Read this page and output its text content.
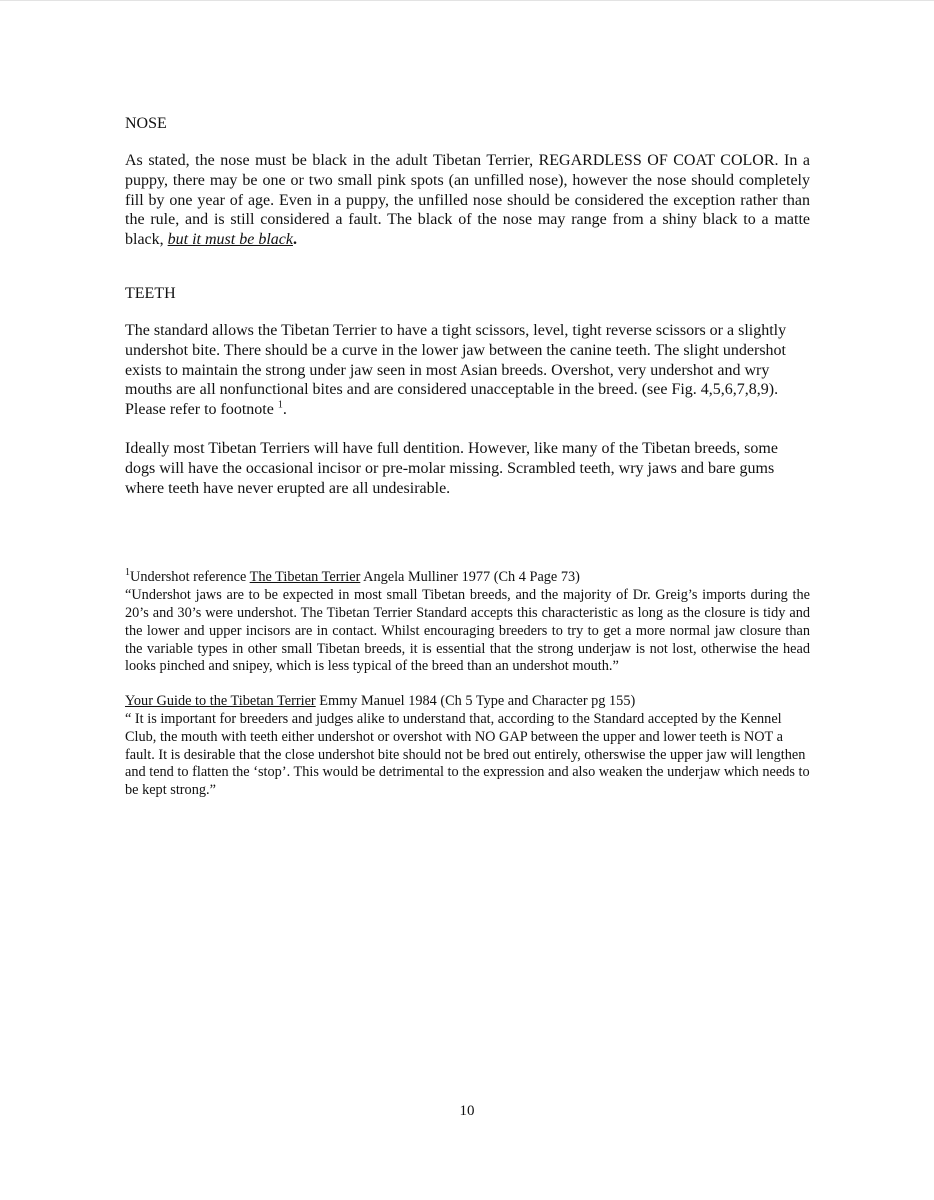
NOSE

As stated, the nose must be black in the adult Tibetan Terrier, REGARDLESS OF COAT COLOR. In a puppy, there may be one or two small pink spots (an unfilled nose), however the nose should completely fill by one year of age. Even in a puppy, the unfilled nose should be considered the exception rather than the rule, and is still considered a fault. The black of the nose may range from a shiny black to a matte black, but it must be black.

TEETH

The standard allows the Tibetan Terrier to have a tight scissors, level, tight reverse scissors or a slightly undershot bite. There should be a curve in the lower jaw between the canine teeth. The slight undershot exists to maintain the strong under jaw seen in most Asian breeds. Overshot, very undershot and wry mouths are all nonfunctional bites and are considered unacceptable in the breed. (see Fig. 4,5,6,7,8,9). Please refer to footnote $^1$.

Ideally most Tibetan Terriers will have full dentition. However, like many of the Tibetan breeds, some dogs will have the occasional incisor or pre-molar missing. Scrambled teeth, wry jaws and bare gums where teeth have never erupted are all undesirable.

$^1$Undershot reference The Tibetan Terrier Angela Mulliner 1977 (Ch 4 Page 73)

“Undershot jaws are to be expected in most small Tibetan breeds, and the majority of Dr. Greig’s imports during the 20’s and 30’s were undershot. The Tibetan Terrier Standard accepts this characteristic as long as the closure is tidy and the lower and upper incisors are in contact. Whilst encouraging breeders to try to get a more normal jaw closure than the variable types in other small Tibetan breeds, it is essential that the strong underjaw is not lost, otherwise the head looks pinched and snipey, which is less typical of the breed than an undershot mouth.”

Your Guide to the Tibetan Terrier Emmy Manuel 1984 (Ch 5 Type and Character pg 155)

“ It is important for breeders and judges alike to understand that, according to the Standard accepted by the Kennel Club, the mouth with teeth either undershot or overshot with NO GAP between the upper and lower teeth is NOT a fault. It is desirable that the close undershot bite should not be bred out entirely, otherswise the upper jaw will lengthen and tend to flatten the ‘stop’. This would be detrimental to the expression and also weaken the underjaw which needs to be kept strong.”

10
